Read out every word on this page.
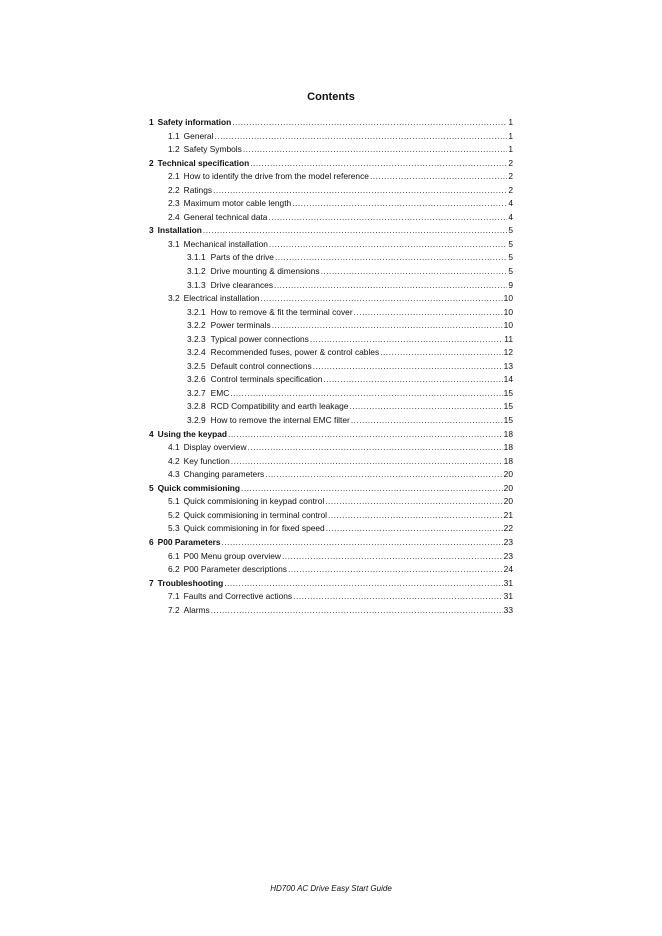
Contents
1 Safety information .....	1
1.1 General .....	1
1.2 Safety Symbols .....	1
2 Technical specification .....	2
2.1 How to identify the drive from the model reference .....	2
2.2 Ratings .....	2
2.3 Maximum motor cable length .....	4
2.4 General technical data .....	4
3 Installation .....	5
3.1 Mechanical installation .....	5
3.1.1 Parts of the drive .....	5
3.1.2 Drive mounting & dimensions .....	5
3.1.3 Drive clearances .....	9
3.2 Electrical installation .....	10
3.2.1 How to remove & fit the terminal cover .....	10
3.2.2 Power terminals .....	10
3.2.3 Typical power connections .....	11
3.2.4 Recommended fuses, power & control cables .....	12
3.2.5 Default control connections .....	13
3.2.6 Control terminals specification .....	14
3.2.7 EMC .....	15
3.2.8 RCD Compatibility and earth leakage .....	15
3.2.9 How to remove the internal EMC filter .....	15
4 Using the keypad .....	18
4.1 Display overview .....	18
4.2 Key function .....	18
4.3 Changing parameters .....	20
5 Quick commisioning .....	20
5.1 Quick commisioning in keypad control .....	20
5.2 Quick commisioning in terminal control .....	21
5.3 Quick commisioning in for fixed speed .....	22
6 P00 Parameters .....	23
6.1 P00 Menu group overview .....	23
6.2 P00 Parameter descriptions .....	24
7 Troubleshooting .....	31
7.1 Faults and Corrective actions .....	31
7.2 Alarms .....	33
HD700 AC Drive Easy Start Guide
